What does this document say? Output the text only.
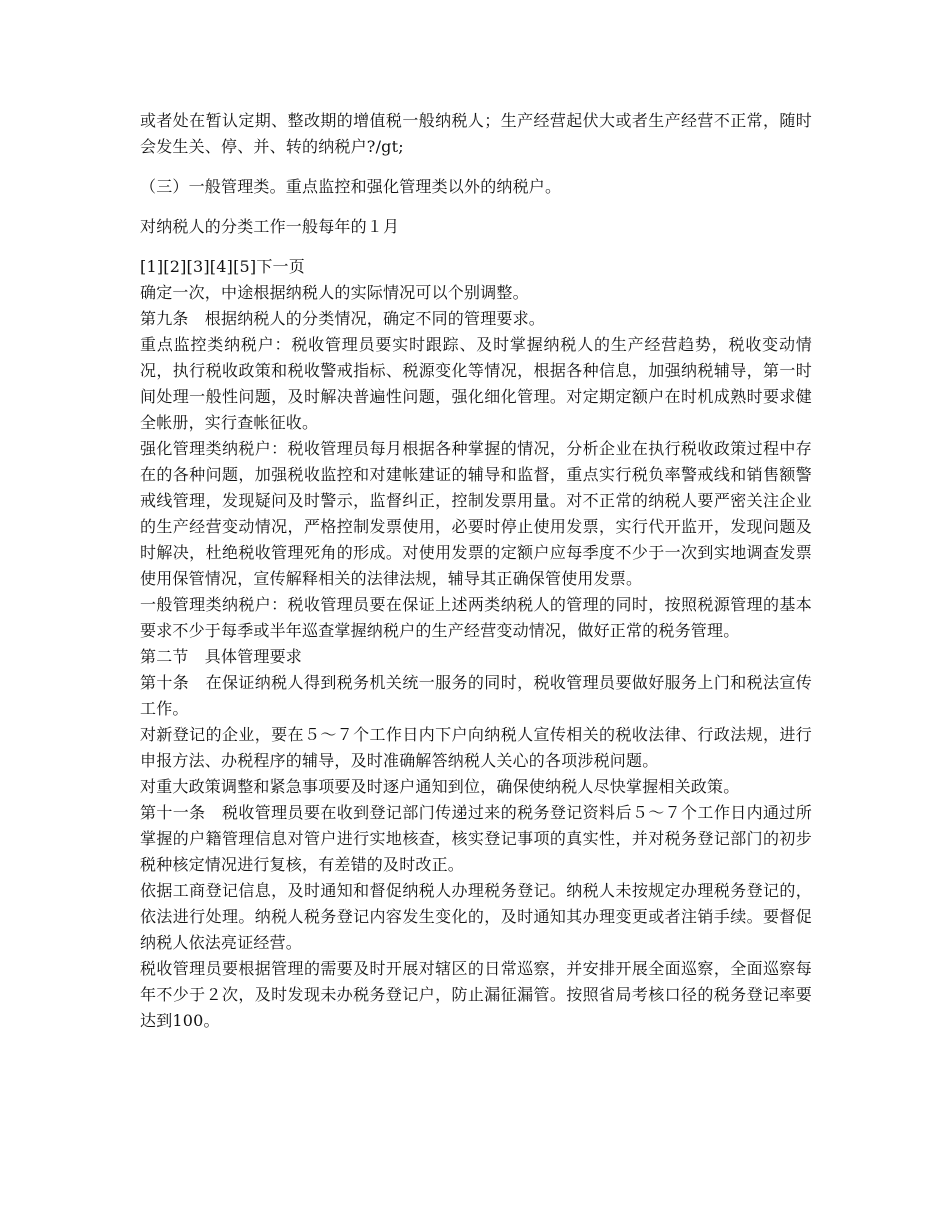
或者处在暂认定期、整改期的增值税一般纳税人；生产经营起伏大或者生产经营不正常，随时会发生关、停、并、转的纳税户?/gt;

（三）一般管理类。重点监控和强化管理类以外的纳税户。

对纳税人的分类工作一般每年的１月

[1][2][3][4][5]下一页

确定一次，中途根据纳税人的实际情况可以个别调整。

第九条　根据纳税人的分类情况，确定不同的管理要求。

重点监控类纳税户：税收管理员要实时跟踪、及时掌握纳税人的生产经营趋势，税收变动情况，执行税收政策和税收警戒指标、税源变化等情况，根据各种信息，加强纳税辅导，第一时间处理一般性问题，及时解决普遍性问题，强化细化管理。对定期定额户在时机成熟时要求健全帐册，实行查帐征收。

强化管理类纳税户：税收管理员每月根据各种掌握的情况，分析企业在执行税收政策过程中存在的各种问题，加强税收监控和对建帐建证的辅导和监督，重点实行税负率警戒线和销售额警戒线管理，发现疑问及时警示，监督纠正，控制发票用量。对不正常的纳税人要严密关注企业的生产经营变动情况，严格控制发票使用，必要时停止使用发票，实行代开监开，发现问题及时解决，杜绝税收管理死角的形成。对使用发票的定额户应每季度不少于一次到实地调查发票使用保管情况，宣传解释相关的法律法规，辅导其正确保管使用发票。

一般管理类纳税户：税收管理员要在保证上述两类纳税人的管理的同时，按照税源管理的基本要求不少于每季或半年巡查掌握纳税户的生产经营变动情况，做好正常的税务管理。

第二节　具体管理要求

第十条　在保证纳税人得到税务机关统一服务的同时，税收管理员要做好服务上门和税法宣传工作。

对新登记的企业，要在５～７个工作日内下户向纳税人宣传相关的税收法律、行政法规，进行申报方法、办税程序的辅导，及时准确解答纳税人关心的各项涉税问题。

对重大政策调整和紧急事项要及时逐户通知到位，确保使纳税人尽快掌握相关政策。

第十一条　税收管理员要在收到登记部门传递过来的税务登记资料后５～７个工作日内通过所掌握的户籍管理信息对管户进行实地核查，核实登记事项的真实性，并对税务登记部门的初步税种核定情况进行复核，有差错的及时改正。

依据工商登记信息，及时通知和督促纳税人办理税务登记。纳税人未按规定办理税务登记的，依法进行处理。纳税人税务登记内容发生变化的，及时通知其办理变更或者注销手续。要督促纳税人依法亮证经营。

税收管理员要根据管理的需要及时开展对辖区的日常巡察，并安排开展全面巡察，全面巡察每年不少于２次，及时发现未办税务登记户，防止漏征漏管。按照省局考核口径的税务登记率要达到100。
